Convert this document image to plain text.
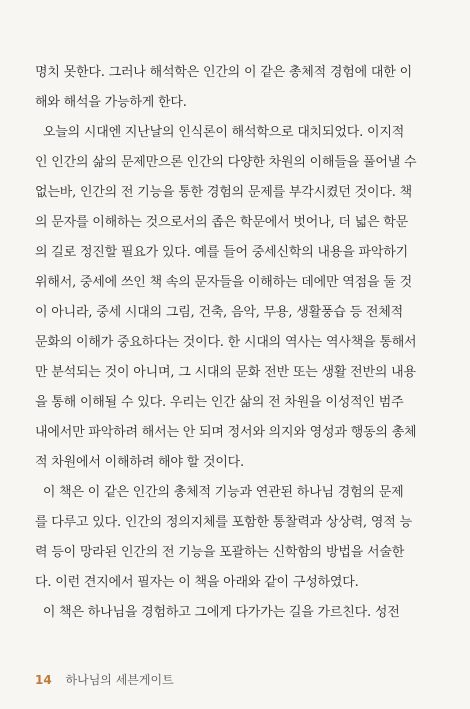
명치 못한다. 그러나 해석학은 인간의 이 같은 총체적 경험에 대한 이
해와 해석을 가능하게 한다.
오늘의 시대엔 지난날의 인식론이 해석학으로 대치되었다. 이지적
인 인간의 삶의 문제만으론 인간의 다양한 차원의 이해들을 풀어낼 수
없는바, 인간의 전 기능을 통한 경험의 문제를 부각시켰던 것이다. 책
의 문자를 이해하는 것으로서의 좁은 학문에서 벗어나, 더 넓은 학문
의 길로 정진할 필요가 있다. 예를 들어 중세신학의 내용을 파악하기
위해서, 중세에 쓰인 책 속의 문자들을 이해하는 데에만 역점을 둘 것
이 아니라, 중세 시대의 그림, 건축, 음악, 무용, 생활풍습 등 전체적
문화의 이해가 중요하다는 것이다. 한 시대의 역사는 역사책을 통해서
만 분석되는 것이 아니며, 그 시대의 문화 전반 또는 생활 전반의 내용
을 통해 이해될 수 있다. 우리는 인간 삶의 전 차원을 이성적인 범주
내에서만 파악하려 해서는 안 되며 정서와 의지와 영성과 행동의 총체
적 차원에서 이해하려 해야 할 것이다.
이 책은 이 같은 인간의 총체적 기능과 연관된 하나님 경험의 문제
를 다루고 있다. 인간의 정의지체를 포함한 통찰력과 상상력, 영적 능
력 등이 망라된 인간의 전 기능을 포괄하는 신학함의 방법을 서술한
다. 이런 견지에서 필자는 이 책을 아래와 같이 구성하였다.
이 책은 하나님을 경험하고 그에게 다가가는 길을 가르친다. 성전
14 하나님의 세븐게이트
